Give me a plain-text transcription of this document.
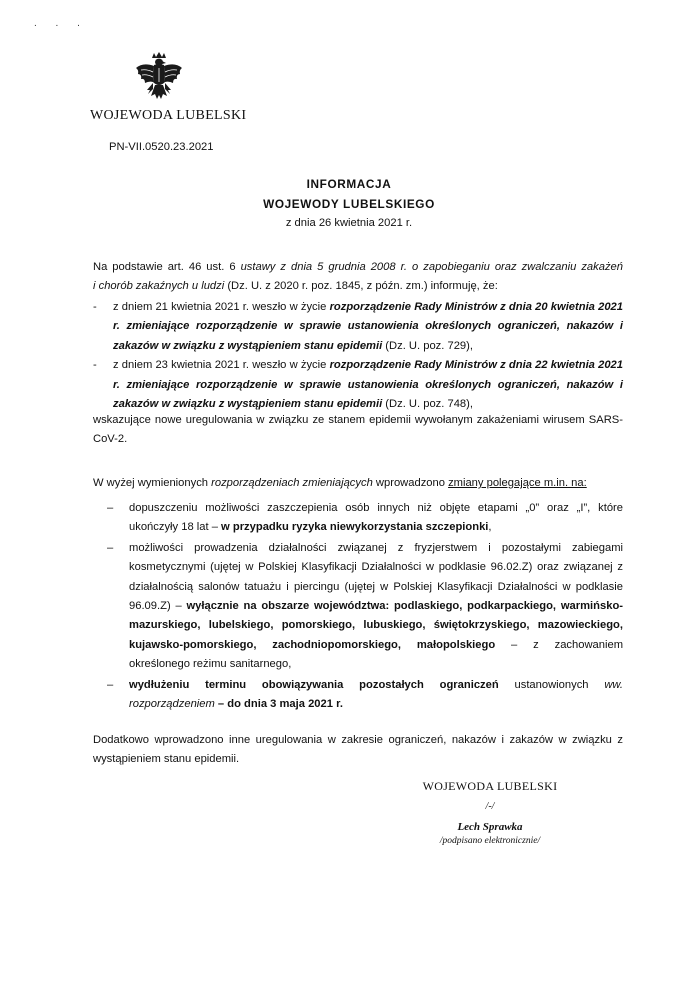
. . .
WOJEWODA LUBELSKI
PN-VII.0520.23.2021
INFORMACJA
WOJEWODY LUBELSKIEGO
z dnia 26 kwietnia 2021 r.
Na podstawie art. 46 ust. 6 ustawy z dnia 5 grudnia 2008 r. o zapobieganiu oraz zwalczaniu zakażeń
i chorób zakaźnych u ludzi (Dz. U. z 2020 r. poz. 1845, z późn. zm.) informuję, że:
- z dniem 21 kwietnia 2021 r. weszło w życie rozporządzenie Rady Ministrów z dnia 20 kwietnia 2021 r. zmieniające rozporządzenie w sprawie ustanowienia określonych ograniczeń, nakazów i zakazów w związku z wystąpieniem stanu epidemii (Dz. U. poz. 729),
- z dniem 23 kwietnia 2021 r. weszło w życie rozporządzenie Rady Ministrów z dnia 22 kwietnia 2021 r. zmieniające rozporządzenie w sprawie ustanowienia określonych ograniczeń, nakazów i zakazów w związku z wystąpieniem stanu epidemii (Dz. U. poz. 748),
wskazujące nowe uregulowania w związku ze stanem epidemii wywołanym zakażeniami wirusem SARS-CoV-2.
W wyżej wymienionych rozporządzeniach zmieniających wprowadzono zmiany polegające m.in. na:
– dopuszczeniu możliwości zaszczepienia osób innych niż objęte etapami „0” oraz „I”, które ukończyły 18 lat – w przypadku ryzyka niewykorzystania szczepionki,
– możliwości prowadzenia działalności związanej z fryzjerstwem i pozostałymi zabiegami kosmetycznymi (ujętej w Polskiej Klasyfikacji Działalności w podklasie 96.02.Z) oraz związanej z działalnością salonów tatuażu i piercingu (ujętej w Polskiej Klasyfikacji Działalności w podklasie 96.09.Z) – wyłącznie na obszarze województwa: podlaskiego, podkarpackiego, warmińsko-mazurskiego, lubelskiego, pomorskiego, lubuskiego, świętokrzyskiego, mazowieckiego, kujawsko-pomorskiego, zachodniopomorskiego, małopolskiego – z zachowaniem określonego reżimu sanitarnego,
– wydłużeniu terminu obowiązywania pozostałych ograniczeń ustanowionych ww. rozporządzeniem – do dnia 3 maja 2021 r.
Dodatkowo wprowadzono inne uregulowania w zakresie ograniczeń, nakazów i zakazów w związku z wystąpieniem stanu epidemii.
WOJEWODA LUBELSKI
/-/
Lech Sprawka
/podpisano elektronicznie/
